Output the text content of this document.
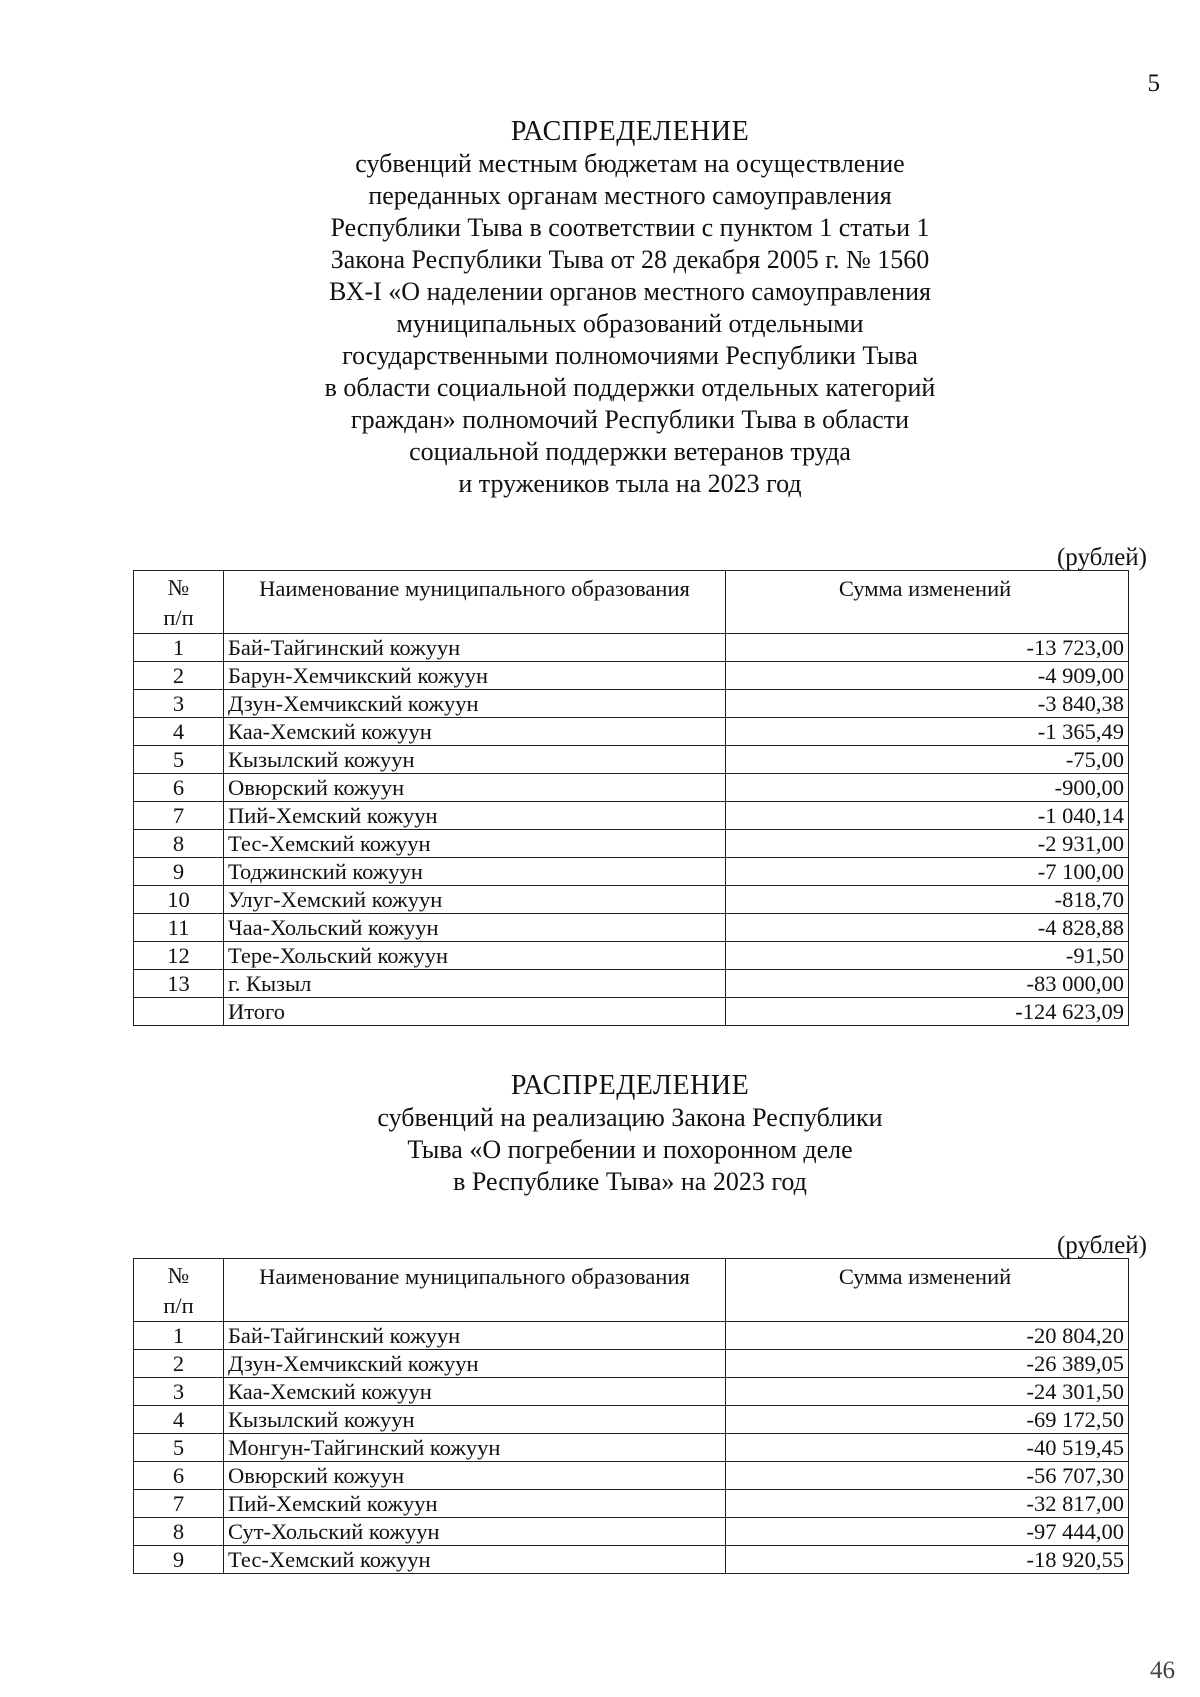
5
РАСПРЕДЕЛЕНИЕ
субвенций местным бюджетам на осуществление
переданных органам местного самоуправления
Республики Тыва в соответствии с пунктом 1 статьи 1
Закона Республики Тыва от 28 декабря 2005 г. № 1560
ВХ-I «О наделении органов местного самоуправления
муниципальных образований отдельными
государственными полномочиями Республики Тыва
в области социальной поддержки отдельных категорий
граждан» полномочий Республики Тыва в области
социальной поддержки ветеранов труда
и тружеников тыла на 2023 год
(рублей)
№
п/п	Наименование муниципального образования	Сумма изменений
1	Бай-Тайгинский кожуун	-13 723,00
2	Барун-Хемчикский кожуун	-4 909,00
3	Дзун-Хемчикский кожуун	-3 840,38
4	Каа-Хемский кожуун	-1 365,49
5	Кызылский кожуун	-75,00
6	Овюрский кожуун	-900,00
7	Пий-Хемский кожуун	-1 040,14
8	Тес-Хемский кожуун	-2 931,00
9	Тоджинский кожуун	-7 100,00
10	Улуг-Хемский кожуун	-818,70
11	Чаа-Хольский кожуун	-4 828,88
12	Тере-Хольский кожуун	-91,50
13	г. Кызыл	-83 000,00
	Итого	-124 623,09
РАСПРЕДЕЛЕНИЕ
субвенций на реализацию Закона Республики
Тыва «О погребении и похоронном деле
в Республике Тыва» на 2023 год
(рублей)
№
п/п	Наименование муниципального образования	Сумма изменений
1	Бай-Тайгинский кожуун	-20 804,20
2	Дзун-Хемчикский кожуун	-26 389,05
3	Каа-Хемский кожуун	-24 301,50
4	Кызылский кожуун	-69 172,50
5	Монгун-Тайгинский кожуун	-40 519,45
6	Овюрский кожуун	-56 707,30
7	Пий-Хемский кожуун	-32 817,00
8	Сут-Хольский кожуун	-97 444,00
9	Тес-Хемский кожуун	-18 920,55
46
